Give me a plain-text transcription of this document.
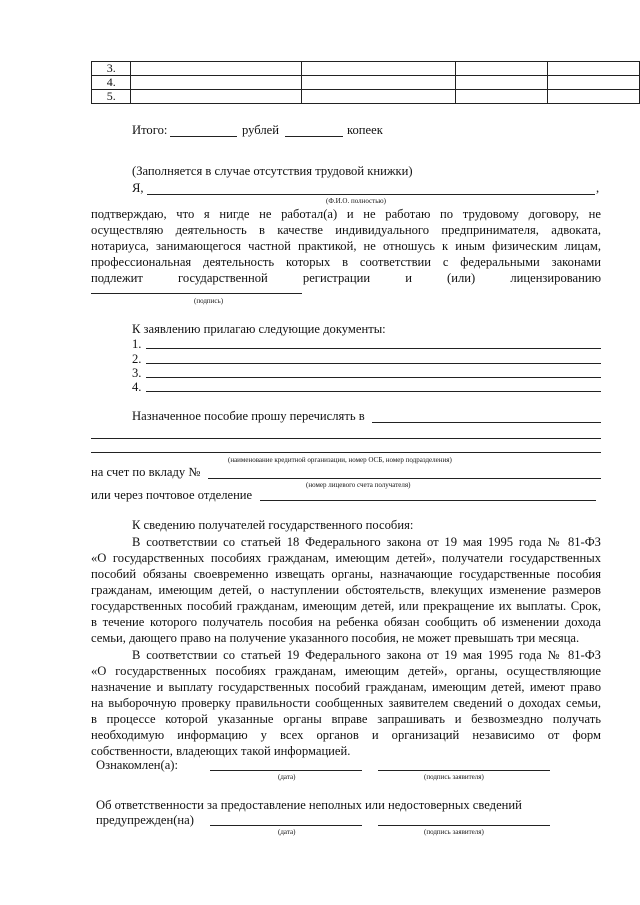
3.				
4.				
5.				
Итого:	рублей	копеек
(Заполняется в случае отсутствия трудовой книжки)
Я,	,
(Ф.И.О. полностью)
подтверждаю, что я нигде не работал(а) и не работаю по трудовому договору, не
осуществляю деятельность в качестве индивидуального предпринимателя, адвоката,
нотариуса, занимающегося частной практикой, не отношусь к иным физическим лицам,
профессиональная деятельность которых в соответствии с федеральными законами
подлежит государственной регистрации и (или) лицензированию
(подпись)
К заявлению прилагаю следующие документы:
1.
2.
3.
4.
Назначенное пособие прошу перечислять в
(наименование кредитной организации, номер ОСБ, номер подразделения)
на счет по вкладу №
(номер лицевого счета получателя)
или через почтовое отделение
К сведению получателей государственного пособия:
В соответствии со статьей 18 Федерального закона от 19 мая 1995 года № 81-ФЗ
«О государственных пособиях гражданам, имеющим детей», получатели государственных
пособий обязаны своевременно извещать органы, назначающие государственные пособия
гражданам, имеющим детей, о наступлении обстоятельств, влекущих изменение размеров
государственных пособий гражданам, имеющим детей, или прекращение их выплаты. Срок,
в течение которого получатель пособия на ребенка обязан сообщить об изменении дохода
семьи, дающего право на получение указанного пособия, не может превышать три месяца.
В соответствии со статьей 19 Федерального закона от 19 мая 1995 года № 81-ФЗ
«О государственных пособиях гражданам, имеющим детей», органы, осуществляющие
назначение и выплату государственных пособий гражданам, имеющим детей, имеют право
на выборочную проверку правильности сообщенных заявителем сведений о доходах семьи,
в процессе которой указанные органы вправе запрашивать и безвозмездно получать
необходимую информацию у всех органов и организаций независимо от форм
собственности, владеющих такой информацией.
Ознакомлен(а):
(дата)	(подпись заявителя)
Об ответственности за предоставление неполных или недостоверных сведений
предупрежден(на)
(дата)	(подпись заявителя)
